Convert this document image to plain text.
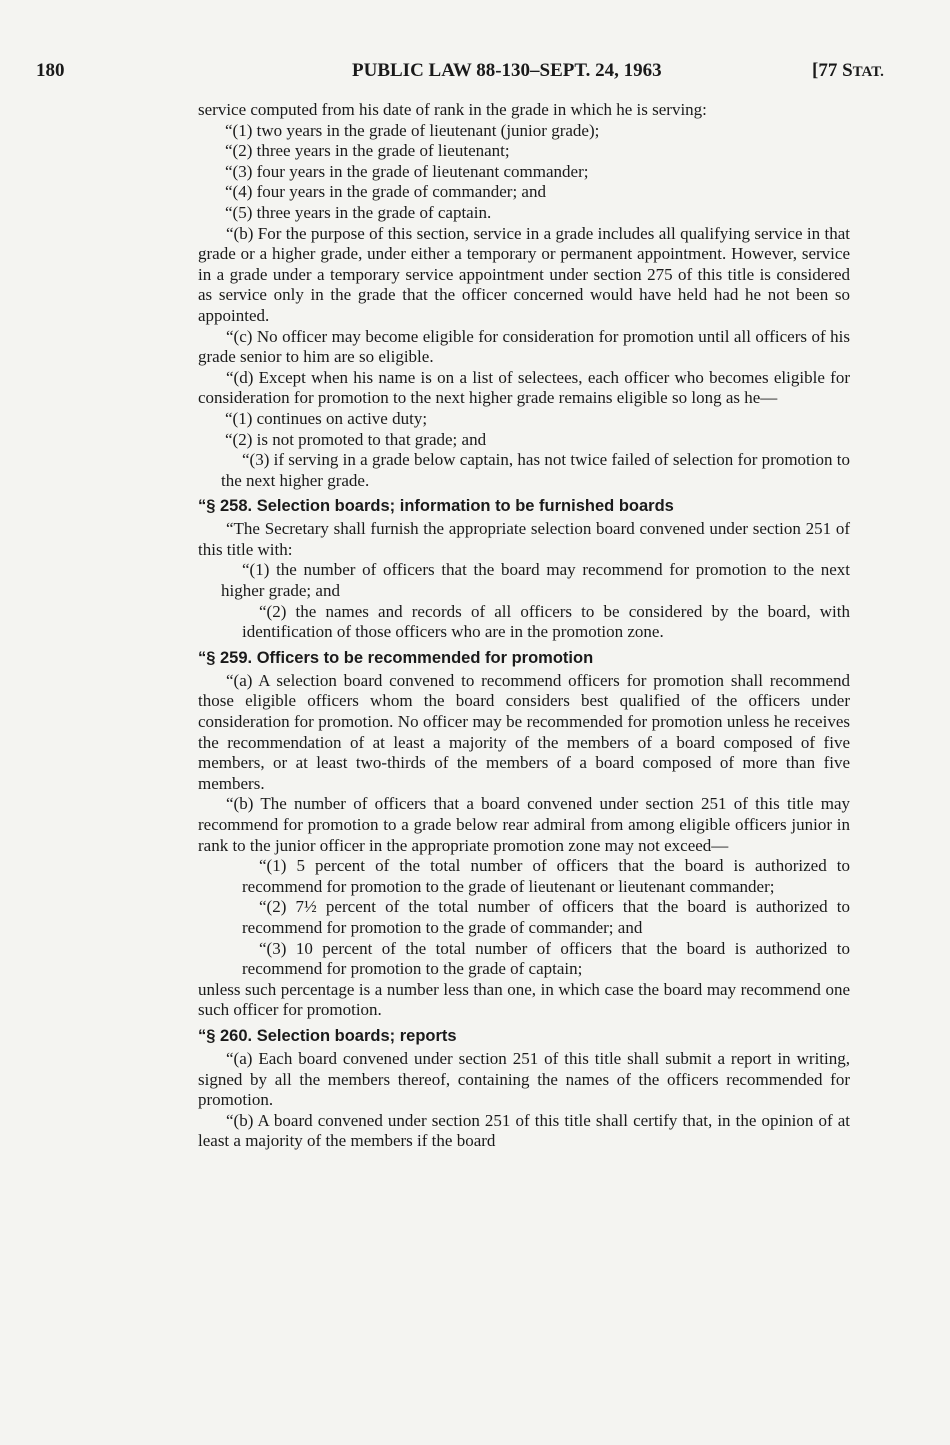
180	PUBLIC LAW 88-130–SEPT. 24, 1963	[77 STAT.

service computed from his date of rank in the grade in which he is serving:

“(1) two years in the grade of lieutenant (junior grade);

“(2) three years in the grade of lieutenant;

“(3) four years in the grade of lieutenant commander;

“(4) four years in the grade of commander; and

“(5) three years in the grade of captain.

“(b) For the purpose of this section, service in a grade includes all qualifying service in that grade or a higher grade, under either a temporary or permanent appointment. However, service in a grade under a temporary service appointment under section 275 of this title is considered as service only in the grade that the officer concerned would have held had he not been so appointed.

“(c) No officer may become eligible for consideration for promotion until all officers of his grade senior to him are so eligible.

“(d) Except when his name is on a list of selectees, each officer who becomes eligible for consideration for promotion to the next higher grade remains eligible so long as he—

“(1) continues on active duty;

“(2) is not promoted to that grade; and

“(3) if serving in a grade below captain, has not twice failed of selection for promotion to the next higher grade.

“§ 258. Selection boards; information to be furnished boards

“The Secretary shall furnish the appropriate selection board convened under section 251 of this title with:

“(1) the number of officers that the board may recommend for promotion to the next higher grade; and

“(2) the names and records of all officers to be considered by the board, with identification of those officers who are in the promotion zone.

“§ 259. Officers to be recommended for promotion

“(a) A selection board convened to recommend officers for promotion shall recommend those eligible officers whom the board considers best qualified of the officers under consideration for promotion. No officer may be recommended for promotion unless he receives the recommendation of at least a majority of the members of a board composed of five members, or at least two-thirds of the members of a board composed of more than five members.

“(b) The number of officers that a board convened under section 251 of this title may recommend for promotion to a grade below rear admiral from among eligible officers junior in rank to the junior officer in the appropriate promotion zone may not exceed—

“(1) 5 percent of the total number of officers that the board is authorized to recommend for promotion to the grade of lieutenant or lieutenant commander;

“(2) 7½ percent of the total number of officers that the board is authorized to recommend for promotion to the grade of commander; and

“(3) 10 percent of the total number of officers that the board is authorized to recommend for promotion to the grade of captain;

unless such percentage is a number less than one, in which case the board may recommend one such officer for promotion.

“§ 260. Selection boards; reports

“(a) Each board convened under section 251 of this title shall submit a report in writing, signed by all the members thereof, containing the names of the officers recommended for promotion.

“(b) A board convened under section 251 of this title shall certify that, in the opinion of at least a majority of the members if the board
